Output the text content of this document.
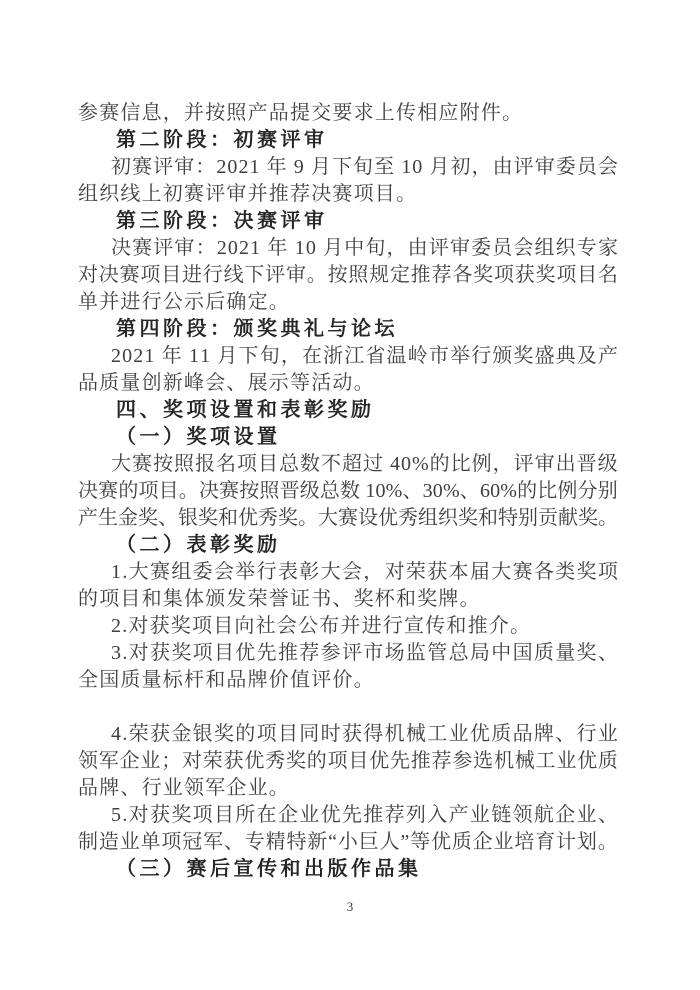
参赛信息，并按照产品提交要求上传相应附件。
第二阶段：初赛评审
初 赛 评 审 ： 2 0 2 1
年
9
月 下 旬 至
1 0
月 初 ， 由 评 审 委 员 会
组织线上初赛评审并推荐决赛项目。
第三阶段：决赛评审
决 赛 评 审 ： 2 0 2 1
年
1 0
月 中 旬 ， 由 评 审 委 员 会 组 织 专 家
对 决 赛 项 目 进 行 线 下 评 审 。 按 照 规 定 推 荐 各 奖 项 获 奖 项 目 名
单并进行公示后确定。
第四阶段：颁奖典礼与论坛
2 0 2 1
年
1 1
月 下 旬 ， 在 浙 江 省 温 岭 市 举 行 颁 奖 盛 典 及 产
品质量创新峰会、展示等活动。
四、奖项设置和表彰奖励
（一）奖项设置
大 赛 按 照 报 名 项 目 总 数 不 超 过
4 0 % 的 比 例 ， 评 审 出 晋 级
决 赛 的 项 目 。 决 赛 按 照 晋 级 总 数
1 0 % 、 3 0 % 、 6 0 % 的 比 例 分 别
产 生 金 奖 、 银 奖 和 优 秀 奖 。 大 赛 设 优 秀 组 织 奖 和 特 别 贡 献 奖 。
（二）表彰奖励
1 . 大 赛 组 委 会 举 行 表 彰 大 会 ， 对 荣 获 本 届 大 赛 各 类 奖 项
的项目和集体颁发荣誉证书、奖杯和奖牌。
2.对获奖项目向社会公布并进行宣传和推介。
3 . 对 获 奖 项 目 优 先 推 荐 参 评 市 场 监 管 总 局 中 国 质 量 奖 、
全国质量标杆和品牌价值评价。
4 . 荣 获 金 银 奖 的 项 目 同 时 获 得 机 械 工 业 优 质 品 牌 、 行 业
领 军 企 业 ； 对 荣 获 优 秀 奖 的 项 目 优 先 推 荐 参 选 机 械 工 业 优 质
品牌、行业领军企业。
5 . 对 获 奖 项 目 所 在 企 业 优 先 推 荐 列 入 产 业 链 领 航 企 业 、
制 造 业 单 项 冠 军 、 专 精 特 新 “ 小 巨 人 ” 等 优 质 企 业 培 育 计 划 。
（三）赛后宣传和出版作品集
3
